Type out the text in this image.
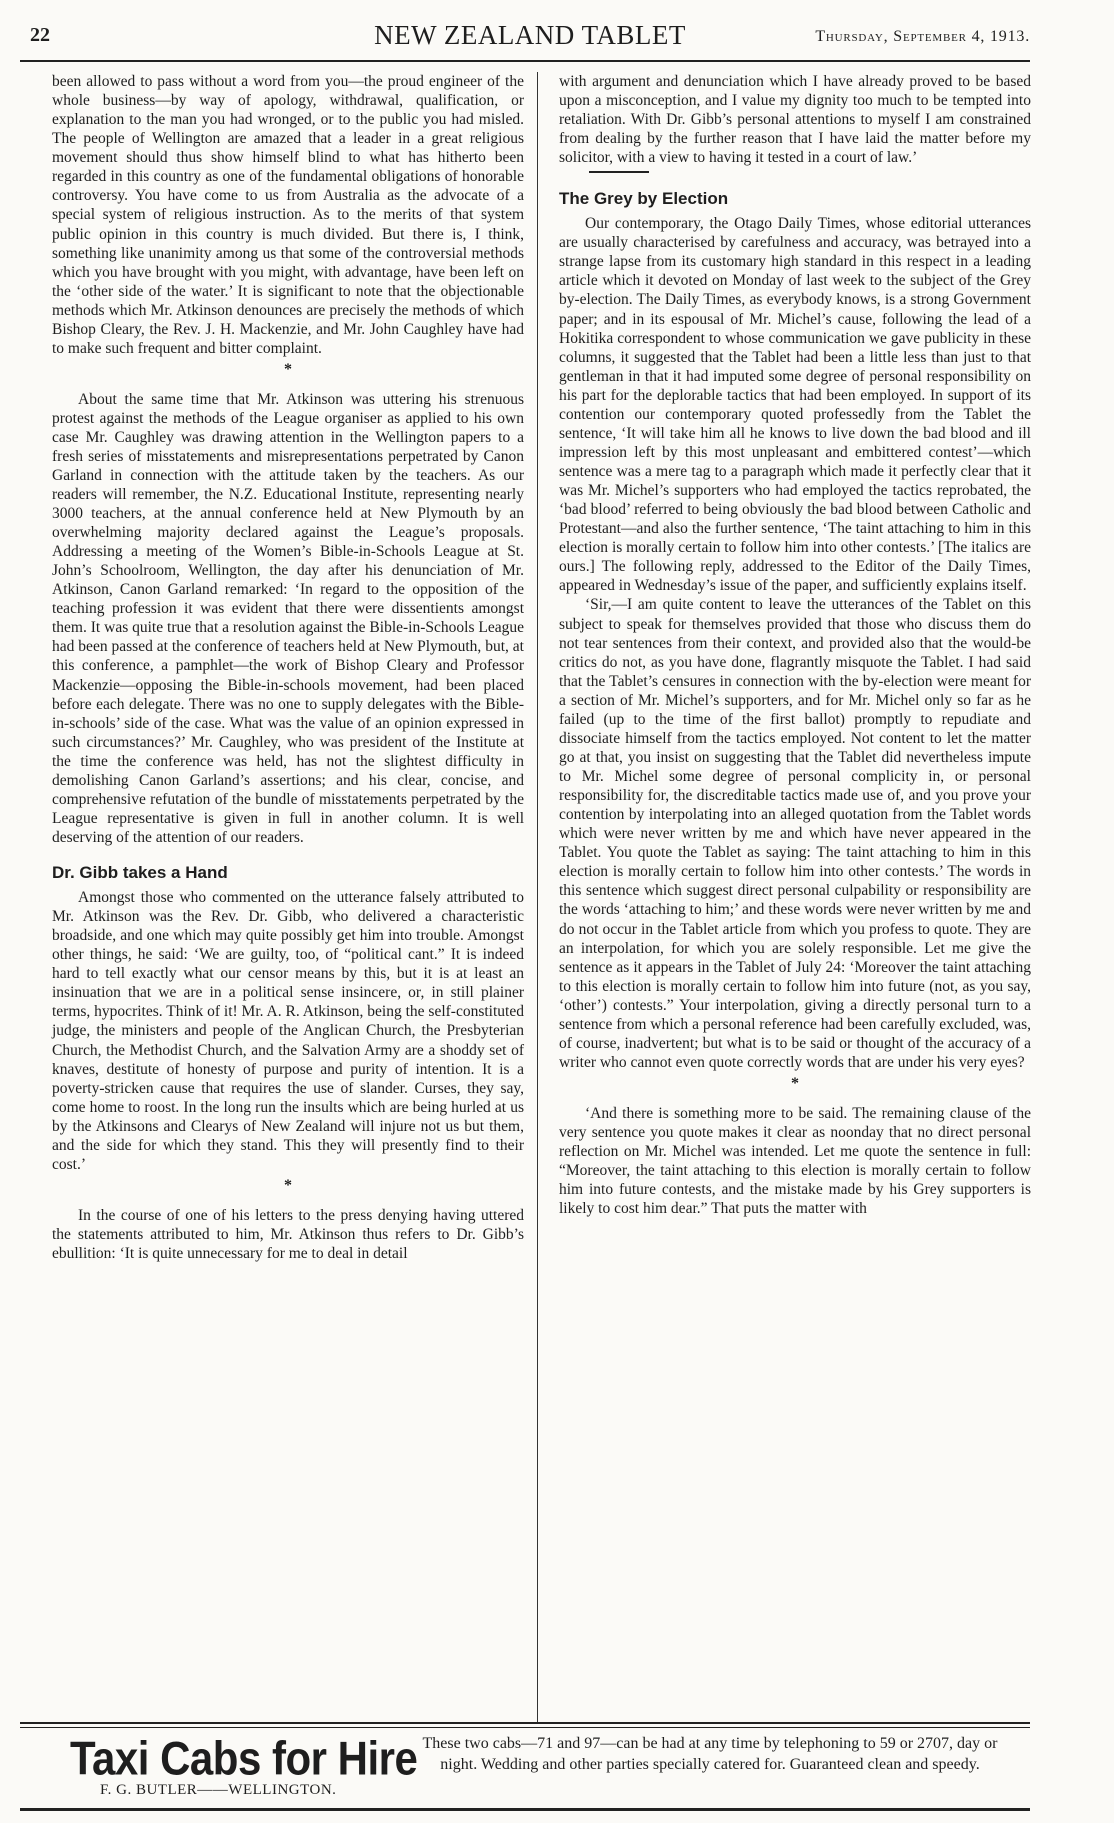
22	NEW ZEALAND TABLET	Thursday, September 4, 1913.

been allowed to pass without a word from you—the proud engineer of the whole business—by way of apology, withdrawal, qualification, or explanation to the man you had wronged, or to the public you had misled. The people of Wellington are amazed that a leader in a great religious movement should thus show himself blind to what has hitherto been regarded in this country as one of the fundamental obligations of honorable controversy. You have come to us from Australia as the advocate of a special system of religious instruction. As to the merits of that system public opinion in this country is much divided. But there is, I think, something like unanimity among us that some of the controversial methods which you have brought with you might, with advantage, have been left on the ‘other side of the water.’ It is significant to note that the objectionable methods which Mr. Atkinson denounces are precisely the methods of which Bishop Cleary, the Rev. J. H. Mackenzie, and Mr. John Caughley have had to make such frequent and bitter complaint.

*

About the same time that Mr. Atkinson was uttering his strenuous protest against the methods of the League organiser as applied to his own case Mr. Caughley was drawing attention in the Wellington papers to a fresh series of misstatements and misrepresentations perpetrated by Canon Garland in connection with the attitude taken by the teachers. As our readers will remember, the N.Z. Educational Institute, representing nearly 3000 teachers, at the annual conference held at New Plymouth by an overwhelming majority declared against the League’s proposals. Addressing a meeting of the Women’s Bible-in-Schools League at St. John’s Schoolroom, Wellington, the day after his denunciation of Mr. Atkinson, Canon Garland remarked: ‘In regard to the opposition of the teaching profession it was evident that there were dissentients amongst them. It was quite true that a resolution against the Bible-in-Schools League had been passed at the conference of teachers held at New Plymouth, but, at this conference, a pamphlet—the work of Bishop Cleary and Professor Mackenzie—opposing the Bible-in-schools movement, had been placed before each delegate. There was no one to supply delegates with the Bible-in-schools’ side of the case. What was the value of an opinion expressed in such circumstances?’ Mr. Caughley, who was president of the Institute at the time the conference was held, has not the slightest difficulty in demolishing Canon Garland’s assertions; and his clear, concise, and comprehensive refutation of the bundle of misstatements perpetrated by the League representative is given in full in another column. It is well deserving of the attention of our readers.

Dr. Gibb takes a Hand

Amongst those who commented on the utterance falsely attributed to Mr. Atkinson was the Rev. Dr. Gibb, who delivered a characteristic broadside, and one which may quite possibly get him into trouble. Amongst other things, he said: ‘We are guilty, too, of “political cant.” It is indeed hard to tell exactly what our censor means by this, but it is at least an insinuation that we are in a political sense insincere, or, in still plainer terms, hypocrites. Think of it! Mr. A. R. Atkinson, being the self-constituted judge, the ministers and people of the Anglican Church, the Presbyterian Church, the Methodist Church, and the Salvation Army are a shoddy set of knaves, destitute of honesty of purpose and purity of intention. It is a poverty-stricken cause that requires the use of slander. Curses, they say, come home to roost. In the long run the insults which are being hurled at us by the Atkinsons and Clearys of New Zealand will injure not us but them, and the side for which they stand. This they will presently find to their cost.’

*

In the course of one of his letters to the press denying having uttered the statements attributed to him, Mr. Atkinson thus refers to Dr. Gibb’s ebullition: ‘It is quite unnecessary for me to deal in detail

with argument and denunciation which I have already proved to be based upon a misconception, and I value my dignity too much to be tempted into retaliation. With Dr. Gibb’s personal attentions to myself I am constrained from dealing by the further reason that I have laid the matter before my solicitor, with a view to having it tested in a court of law.’

The Grey by Election

Our contemporary, the Otago Daily Times, whose editorial utterances are usually characterised by carefulness and accuracy, was betrayed into a strange lapse from its customary high standard in this respect in a leading article which it devoted on Monday of last week to the subject of the Grey by-election. The Daily Times, as everybody knows, is a strong Government paper; and in its espousal of Mr. Michel’s cause, following the lead of a Hokitika correspondent to whose communication we gave publicity in these columns, it suggested that the Tablet had been a little less than just to that gentleman in that it had imputed some degree of personal responsibility on his part for the deplorable tactics that had been employed. In support of its contention our contemporary quoted professedly from the Tablet the sentence, ‘It will take him all he knows to live down the bad blood and ill impression left by this most unpleasant and embittered contest’—which sentence was a mere tag to a paragraph which made it perfectly clear that it was Mr. Michel’s supporters who had employed the tactics reprobated, the ‘bad blood’ referred to being obviously the bad blood between Catholic and Protestant—and also the further sentence, ‘The taint attaching to him in this election is morally certain to follow him into other contests.’ [The italics are ours.] The following reply, addressed to the Editor of the Daily Times, appeared in Wednesday’s issue of the paper, and sufficiently explains itself.

‘Sir,—I am quite content to leave the utterances of the Tablet on this subject to speak for themselves provided that those who discuss them do not tear sentences from their context, and provided also that the would-be critics do not, as you have done, flagrantly misquote the Tablet. I had said that the Tablet’s censures in connection with the by-election were meant for a section of Mr. Michel’s supporters, and for Mr. Michel only so far as he failed (up to the time of the first ballot) promptly to repudiate and dissociate himself from the tactics employed. Not content to let the matter go at that, you insist on suggesting that the Tablet did nevertheless impute to Mr. Michel some degree of personal complicity in, or personal responsibility for, the discreditable tactics made use of, and you prove your contention by interpolating into an alleged quotation from the Tablet words which were never written by me and which have never appeared in the Tablet. You quote the Tablet as saying: The taint attaching to him in this election is morally certain to follow him into other contests.’ The words in this sentence which suggest direct personal culpability or responsibility are the words ‘attaching to him;’ and these words were never written by me and do not occur in the Tablet article from which you profess to quote. They are an interpolation, for which you are solely responsible. Let me give the sentence as it appears in the Tablet of July 24: ‘Moreover the taint attaching to this election is morally certain to follow him into future (not, as you say, ‘other’) contests.” Your interpolation, giving a directly personal turn to a sentence from which a personal reference had been carefully excluded, was, of course, inadvertent; but what is to be said or thought of the accuracy of a writer who cannot even quote correctly words that are under his very eyes?

*

‘And there is something more to be said. The remaining clause of the very sentence you quote makes it clear as noonday that no direct personal reflection on Mr. Michel was intended. Let me quote the sentence in full: “Moreover, the taint attaching to this election is morally certain to follow him into future contests, and the mistake made by his Grey supporters is likely to cost him dear.” That puts the matter with

Taxi Cabs for Hire These two cabs—71 and 97—can be had at any time by telephoning to 59 or 2707, day or night. Wedding and other parties specially catered for. Guaranteed clean and speedy.
F. G. BUTLER——WELLINGTON.
